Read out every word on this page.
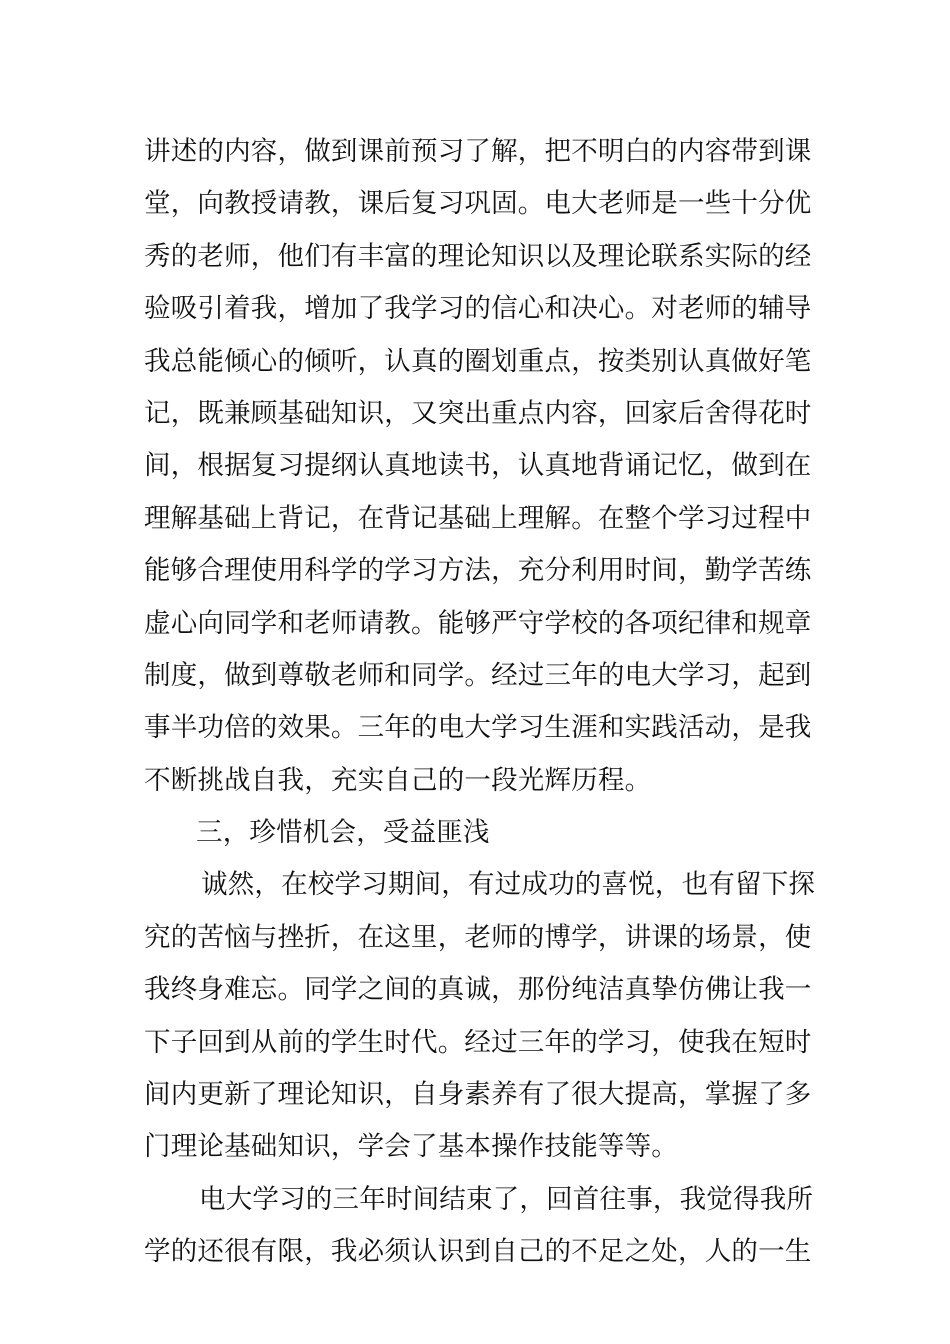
讲述的内容，做到课前预习了解，把不明白的内容带到课
堂，向教授请教，课后复习巩固。电大老师是一些十分优
秀的老师，他们有丰富的理论知识以及理论联系实际的经
验吸引着我，增加了我学习的信心和决心。对老师的辅导
我总能倾心的倾听，认真的圈划重点，按类别认真做好笔
记，既兼顾基础知识，又突出重点内容，回家后舍得花时
间，根据复习提纲认真地读书，认真地背诵记忆，做到在
理解基础上背记，在背记基础上理解。在整个学习过程中
能够合理使用科学的学习方法，充分利用时间，勤学苦练
虚心向同学和老师请教。能够严守学校的各项纪律和规章
制度，做到尊敬老师和同学。经过三年的电大学习，起到
事半功倍的效果。三年的电大学习生涯和实践活动，是我
不断挑战自我，充实自己的一段光辉历程。
三，珍惜机会，受益匪浅
诚然，在校学习期间，有过成功的喜悦，也有留下探
究的苦恼与挫折，在这里，老师的博学，讲课的场景，使
我终身难忘。同学之间的真诚，那份纯洁真挚仿佛让我一
下子回到从前的学生时代。经过三年的学习，使我在短时
间内更新了理论知识，自身素养有了很大提高，掌握了多
门理论基础知识，学会了基本操作技能等等。
电大学习的三年时间结束了，回首往事，我觉得我所
学的还很有限，我必须认识到自己的不足之处，人的一生
